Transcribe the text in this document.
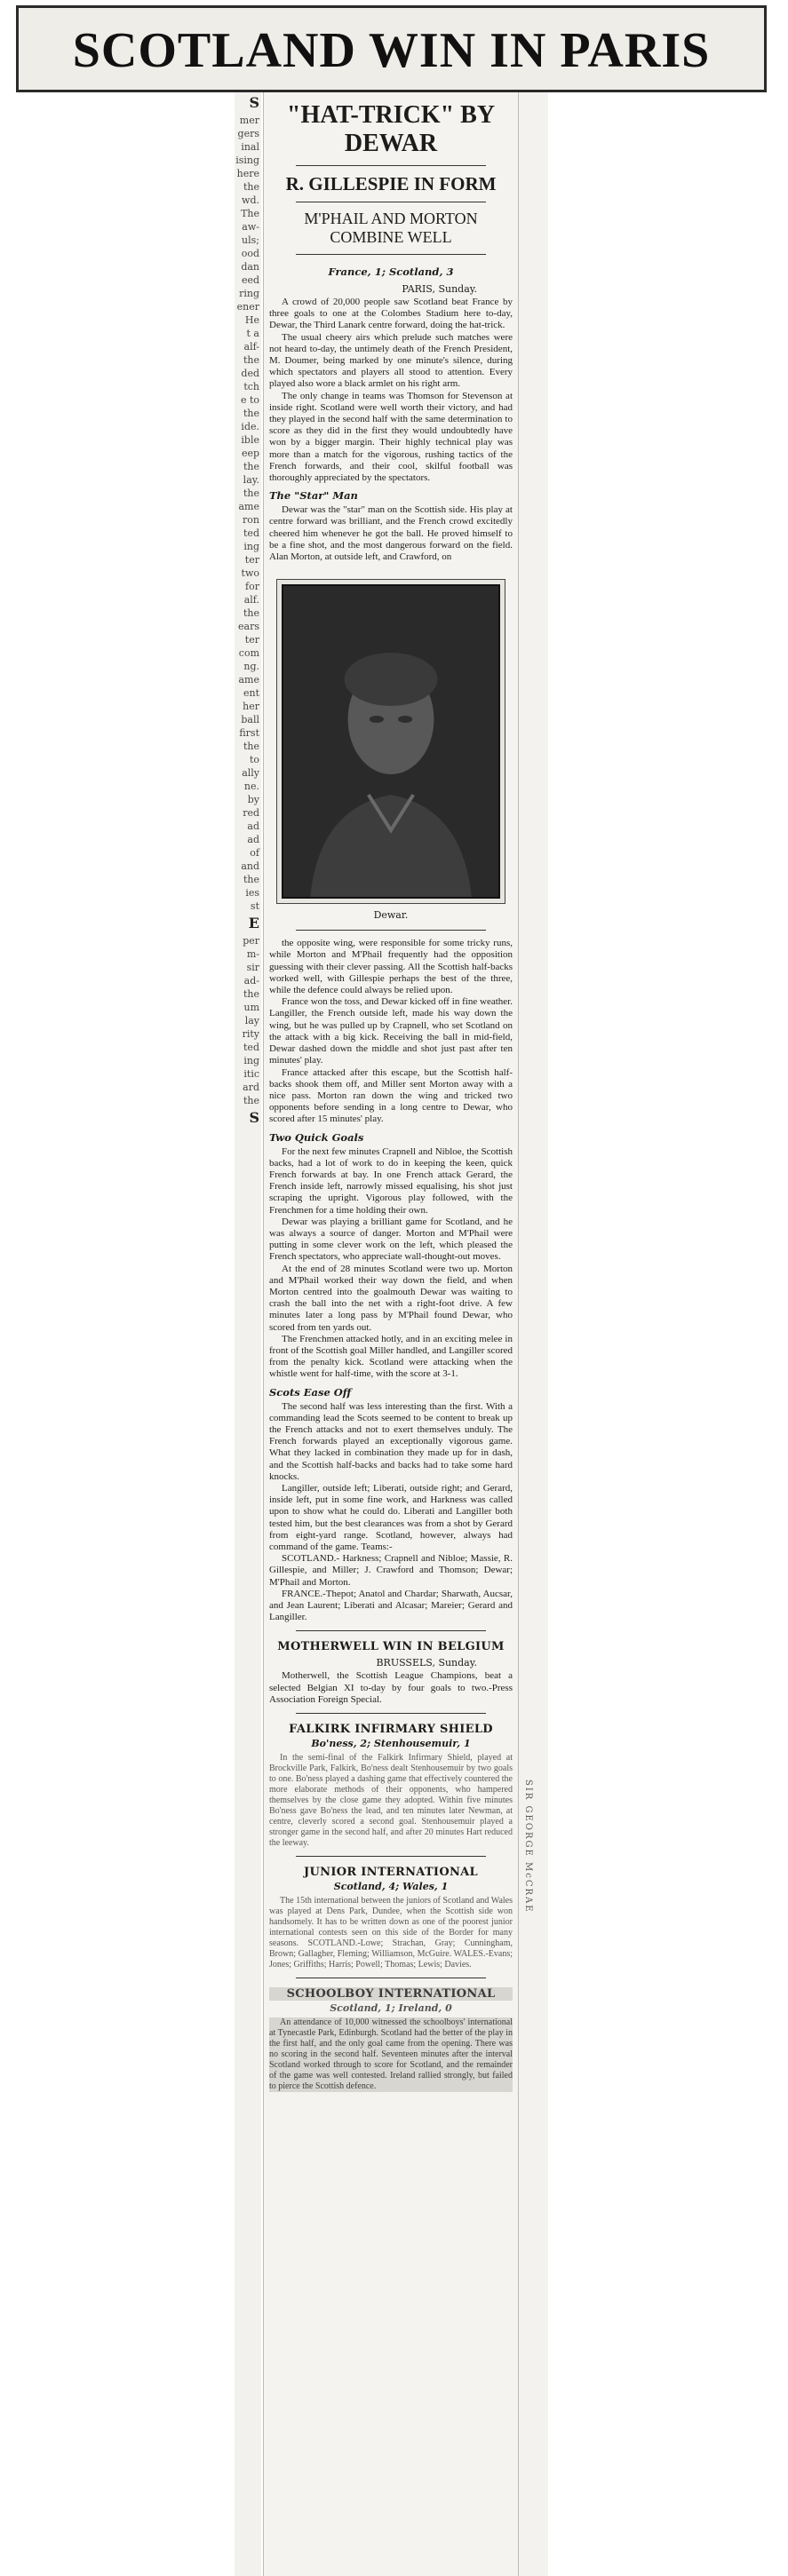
SCOTLAND WIN IN PARIS
S
mer
gers
inal
ising
here
the
wd.
The
aw-
uls;
ood
dan
eed
ring
ener
He
t a
alf-
the
ded
tch
e to
the
ide.
ible
eep
the
lay.
the
ame
ron
ted
ing
ter
two
for
alf.
the
ears
ter
com
ng.
ame
ent
her
ball
first
the
to
ally
ne.
by
red
ad
ad
of
and
the
ies
st
E
per
m-
sir
ad-
the
um
lay
rity
ted
ing
itic
ard
the
S
SIR GEORGE McCRAE
"HAT-TRICK" BY DEWAR
R. GILLESPIE IN FORM
M'PHAIL AND MORTON COMBINE WELL
France, 1; Scotland, 3
PARIS, Sunday.

A crowd of 20,000 people saw Scotland beat France by three goals to one at the Colombes Stadium here to-day, Dewar, the Third Lanark centre forward, doing the hat-trick.

The usual cheery airs which prelude such matches were not heard to-day, the untimely death of the French President, M. Doumer, being marked by one minute's silence, during which spectators and players all stood to attention. Every played also wore a black armlet on his right arm.

The only change in teams was Thomson for Stevenson at inside right. Scotland were well worth their victory, and had they played in the second half with the same determination to score as they did in the first they would undoubtedly have won by a bigger margin. Their highly technical play was more than a match for the vigorous, rushing tactics of the French forwards, and their cool, skilful football was thoroughly appreciated by the spectators.

The "Star" Man

Dewar was the "star" man on the Scottish side. His play at centre forward was brilliant, and the French crowd excitedly cheered him whenever he got the ball. He proved himself to be a fine shot, and the most dangerous forward on the field. Alan Morton, at outside left, and Crawford, on

Dewar.

the opposite wing, were responsible for some tricky runs, while Morton and M'Phail frequently had the opposition guessing with their clever passing. All the Scottish half-backs worked well, with Gillespie perhaps the best of the three, while the defence could always be relied upon.

France won the toss, and Dewar kicked off in fine weather. Langiller, the French outside left, made his way down the wing, but he was pulled up by Crapnell, who set Scotland on the attack with a big kick. Receiving the ball in mid-field, Dewar dashed down the middle and shot just past after ten minutes' play.

France attacked after this escape, but the Scottish half-backs shook them off, and Miller sent Morton away with a nice pass. Morton ran down the wing and tricked two opponents before sending in a long centre to Dewar, who scored after 15 minutes' play.

Two Quick Goals

For the next few minutes Crapnell and Nibloe, the Scottish backs, had a lot of work to do in keeping the keen, quick French forwards at bay. In one French attack Gerard, the French inside left, narrowly missed equalising, his shot just scraping the upright. Vigorous play followed, with the Frenchmen for a time holding their own.

Dewar was playing a brilliant game for Scotland, and he was always a source of danger. Morton and M'Phail were putting in some clever work on the left, which pleased the French spectators, who appreciate wall-thought-out moves.

At the end of 28 minutes Scotland were two up. Morton and M'Phail worked their way down the field, and when Morton centred into the goalmouth Dewar was waiting to crash the ball into the net with a right-foot drive. A few minutes later a long pass by M'Phail found Dewar, who scored from ten yards out.

The Frenchmen attacked hotly, and in an exciting melee in front of the Scottish goal Miller handled, and Langiller scored from the penalty kick. Scotland were attacking when the whistle went for half-time, with the score at 3-1.

Scots Ease Off

The second half was less interesting than the first. With a commanding lead the Scots seemed to be content to break up the French attacks and not to exert themselves unduly. The French forwards played an exceptionally vigorous game. What they lacked in combination they made up for in dash, and the Scottish half-backs and backs had to take some hard knocks.

Langiller, outside left; Liberati, outside right; and Gerard, inside left, put in some fine work, and Harkness was called upon to show what he could do. Liberati and Langiller both tested him, but the best clearances was from a shot by Gerard from eight-yard range. Scotland, however, always had command of the game. Teams:-

SCOTLAND.- Harkness; Crapnell and Nibloe; Massie, R. Gillespie, and Miller; J. Crawford and Thomson; Dewar; M'Phail and Morton.

FRANCE.-Thepot; Anatol and Chardar; Sharwath, Aucsar, and Jean Laurent; Liberati and Alcasar; Mareier; Gerard and Langiller.

MOTHERWELL WIN IN BELGIUM
BRUSSELS, Sunday.

Motherwell, the Scottish League Champions, beat a selected Belgian XI to-day by four goals to two.-Press Association Foreign Special.

FALKIRK INFIRMARY SHIELD
Bo'ness, 2; Stenhousemuir, 1

In the semi-final of the Falkirk Infirmary Shield, played at Brockville Park, Falkirk, Bo'ness dealt Stenhousemuir by two goals to one. Bo'ness played a dashing game that effectively countered the more elaborate methods of their opponents, who hampered themselves by the close game they adopted. Within five minutes Bo'ness gave Bo'ness the lead, and ten minutes later Newman, at centre, cleverly scored a second goal. Stenhousemuir played a stronger game in the second half, and after 20 minutes Hart reduced the leeway.

JUNIOR INTERNATIONAL
Scotland, 4; Wales, 1

The 15th international between the juniors of Scotland and Wales was played at Dens Park, Dundee, when the Scottish side won handsomely. It has to be written down as one of the poorest junior international contests seen on this side of the Border for many seasons. SCOTLAND.-Lowe; Strachan, Gray; Cunningham, Brown; Gallagher, Fleming; Williamson, McGuire. WALES.-Evans; Jones; Griffiths; Harris; Powell; Thomas; Lewis; Davies.

SCHOOLBOY INTERNATIONAL
Scotland, 1; Ireland, 0

An attendance of 10,000 witnessed the schoolboys' international at Tynecastle Park, Edinburgh. Scotland had the better of the play in the first half, and the only goal came from the opening. There was no scoring in the second half. Seventeen minutes after the interval Scotland worked through to score for Scotland, and the remainder of the game was well contested. Ireland rallied strongly, but failed to pierce the Scottish defence.
